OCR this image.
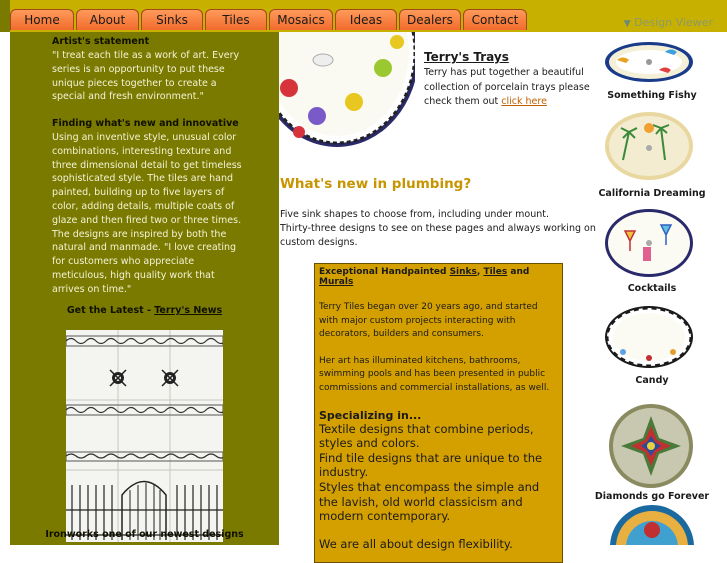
Home	About	Sinks	Tiles	Mosaics	Ideas	Dealers	Contact	▼ Design Viewer

Artist's statement

"I treat each tile as a work of art. Every series is an opportunity to put these unique pieces together to create a special and fresh environment."

Finding what's new and innovative

Using an inventive style, unusual color combinations, interesting texture and three dimensional detail to get timeless sophisticated style. The tiles are hand painted, building up to five layers of color, adding details, multiple coats of glaze and then fired two or three times. The designs are inspired by both the natural and manmade. "I love creating for customers who appreciate meticulous, high quality work that arrives on time."

Get the Latest - Terry's News

Ironworks one of our newest designs

Terry's Trays
Terry has put together a beautiful collection of porcelain trays please check them out click here
What's new in plumbing?
Five sink shapes to choose from, including under mount.
Thirty-three designs to see on these pages and always working on custom designs.
Exceptional Handpainted Sinks, Tiles and Murals
Terry Tiles began over 20 years ago, and started with major custom projects interacting with decorators, builders and consumers.
Her art has illuminated kitchens, bathrooms, swimming pools and has been presented in public commissions and commercial installations, as well.
Specializing in...
Textile designs that combine periods, styles and colors.
Find tile designs that are unique to the industry.
Styles that encompass the simple and the lavish, old world classicism and modern contemporary.
We are all about design flexibility.
Something Fishy
California Dreaming
Cocktails
Candy
Diamonds go Forever
